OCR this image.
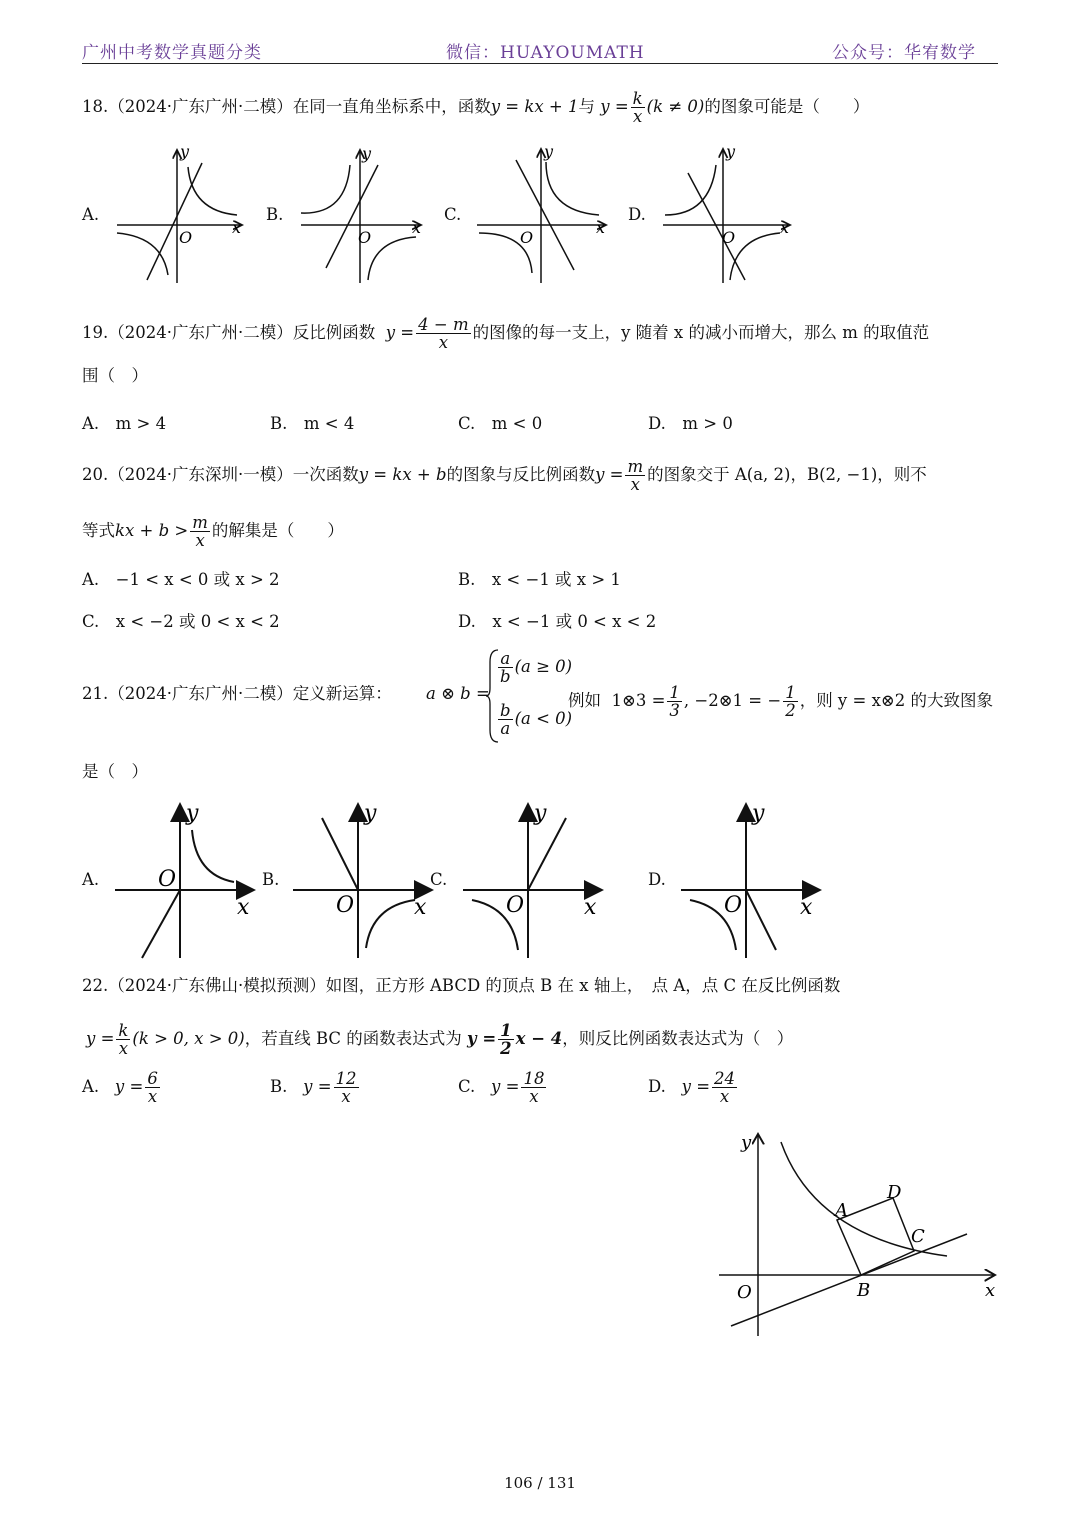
广州中考数学真题分类	微信：HUAYOUMATH	公众号：华宥数学
18.（2024·广东广州·二模）在同一直角坐标系中，函数y = kx + 1与 $y = \frac{k}{x} (k \ne 0)$的图象可能是（　　）
A.	B.	C.	D.
y
x
O
y
x
O
y
x
O
y
x
O
19.（2024·广东广州·二模）反比例函数 $y = \frac{4 - m}{x}$ 的图像的每一支上，y 随着 x 的减小而增大，那么 m 的取值范
围（　）
A.　m > 4	B.　m < 4	C.　m < 0	D.　m > 0
20.（2024·广东深圳·一模）一次函数y = kx + b的图象与反比例函数$y = \frac{m}{x}$ 的图象交于 A(a, 2)，B(2, −1)，则不
等式kx + $b > \frac{m}{x}$ 的解集是（　　）
A.　−1 < x < 0 或 x > 2	B.　x < −1 或 x > 1
C.　x < −2 或 0 < x < 2	D.　x < −1 或 0 < x < 2
21.（2024·广东广州·二模）定义新运算： a ⊗ b =
$\frac{a}{b} (a \ge 0)$
$\frac{b}{a} (a < 0)$
例如 1⊗3 = $\frac{1}{3}$ , −2⊗1 = − $\frac{1}{2}$ ，则 y = x⊗2 的大致图象
是（　）
A.	B.	C.	D.
y
x
O
y
x
O
y
x
O
y
x
O
22.（2024·广东佛山·模拟预测）如图，正方形 ABCD 的顶点 B 在 x 轴上，　点 A，点 C 在反比例函数
$y = \frac{k}{x} (k > 0$, x > 0)，若直线 BC 的函数表达式为 $y = \frac{1}{2}$ x − 4，则反比例函数表达式为（　）
A. $y = \frac{6}{x}$	B. $y = \frac{12}{x}$	C. $y = \frac{18}{x}$	D. $y = \frac{24}{x}$
y
x
O
A
D
C
B
106 / 131
